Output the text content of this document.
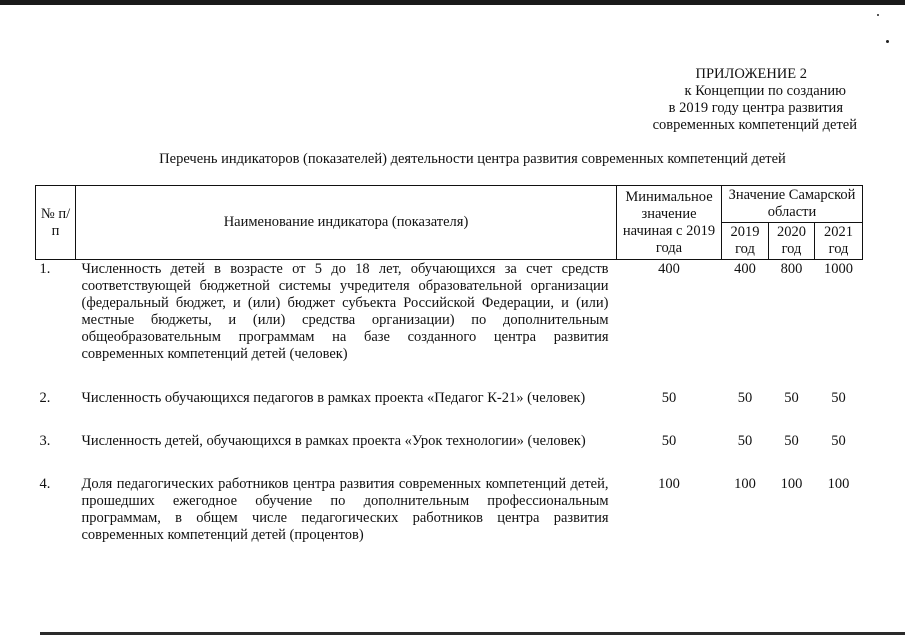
ПРИЛОЖЕНИЕ 2
к Концепции по созданию
в 2019 году центра развития
современных компетенций детей
Перечень индикаторов (показателей) деятельности центра развития современных компетенций детей
№ п/п	Наименование индикатора (показателя)	Минимальное значение начиная с 2019 года	Значение Самарской области		
			2019 год	2020 год	2021 год
1.	Численность детей в возрасте от 5 до 18 лет, обучающихся за счет средств соответствующей бюджетной системы учредителя образовательной организации (федеральный бюджет, и (или) бюджет субъекта Российской Федерации, и (или) местные бюджеты, и (или) средства организации) по дополнительным общеобразовательным программам на базе созданного центра развития современных компетенций детей (человек)	400	400	800	1000
2.	Численность обучающихся педагогов в рамках проекта «Педагог К-21» (человек)	50	50	50	50
3.	Численность детей, обучающихся в рамках проекта «Урок технологии» (человек)	50	50	50	50
4.	Доля педагогических работников центра развития современных компетенций детей, прошедших ежегодное обучение по дополнительным профессиональным программам, в общем числе педагогических работников центра развития современных компетенций детей (процентов)	100	100	100	100
